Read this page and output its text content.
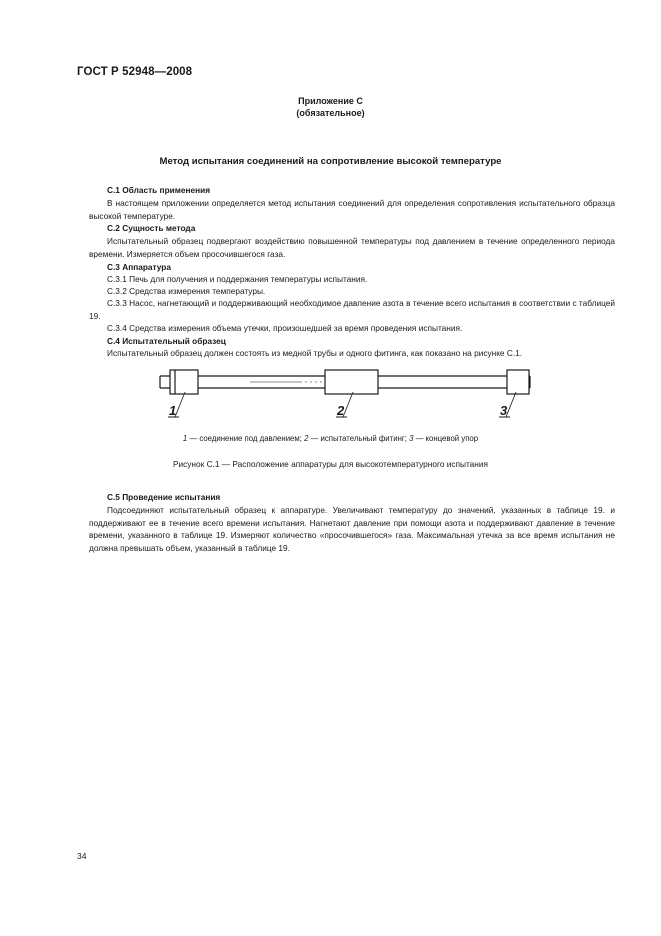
ГОСТ Р 52948—2008
Приложение С
(обязательное)
Метод испытания соединений на сопротивление высокой температуре
С.1 Область применения
В настоящем приложении определяется метод испытания соединений для определения сопротивления испытательного образца высокой температуре.
С.2 Сущность метода
Испытательный образец подвергают воздействию повышенной температуры под давлением в течение определенного периода времени. Измеряется объем просочившегося газа.
С.3 Аппаратура
С.3.1 Печь для получения и поддержания температуры испытания.
С.3.2 Средства измерения температуры.
С.3.3 Насос, нагнетающий и поддерживающий необходимое давление азота в течение всего испытания в соответствии с таблицей 19.
С.3.4 Средства измерения объема утечки, произошедшей за время проведения испытания.
С.4 Испытательный образец
Испытательный образец должен состоять из медной трубы и одного фитинга, как показано на рисунке С.1.
1	2	3
1 — соединение под давлением; 2 — испытательный фитинг; 3 — концевой упор
Рисунок С.1 — Расположение аппаратуры для высокотемпературного испытания
С.5 Проведение испытания
Подсоединяют испытательный образец к аппаратуре. Увеличивают температуру до значений, указанных в таблице 19. и поддерживают ее в течение всего времени испытания. Нагнетают давление при помощи азота и поддерживают давление в течение времени, указанного в таблице 19. Измеряют количество «просочившегося» газа. Максимальная утечка за все время испытания не должна превышать объем, указанный в таблице 19.
34
